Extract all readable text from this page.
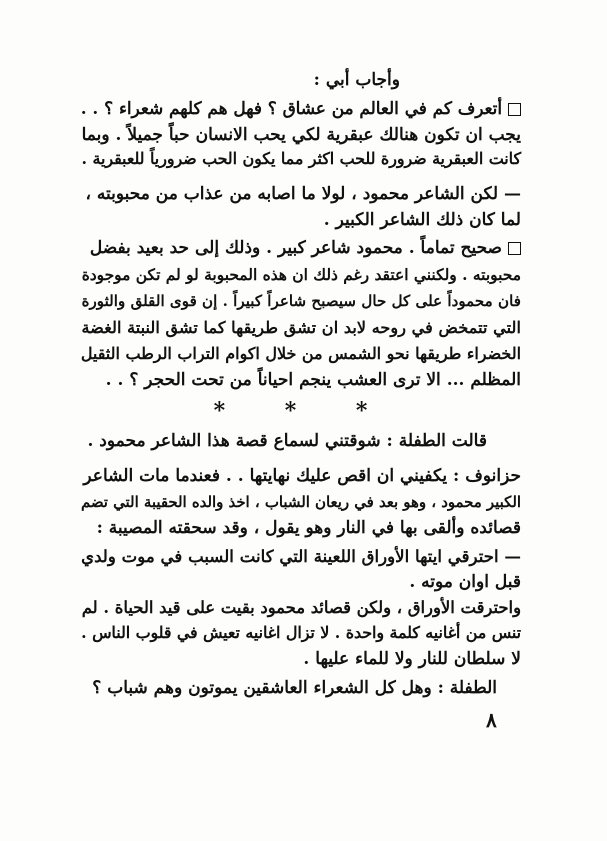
وأجاب أبي :
أتعرف كم في العالم من عشاق ؟ فهل هم كلهم شعراء ؟ . .
يجب ان تكون هنالك عبقرية لكي يحب الانسان حباً جميلاً . وبما
كانت العبقرية ضرورة للحب اكثر مما يكون الحب ضرورياً للعبقرية .
— لكن الشاعر محمود ، لولا ما اصابه من عذاب من محبوبته ،
لما كان ذلك الشاعر الكبير .
صحيح تماماً . محمود شاعر كبير . وذلك إلى حد بعيد بفضل
محبوبته . ولكنني اعتقد رغم ذلك ان هذه المحبوبة لو لم تكن موجودة
فان محموداً على كل حال سيصبح شاعراً كبيراً . إن قوى القلق والثورة
التي تتمخض في روحه لابد ان تشق طريقها كما تشق النبتة الغضة
الخضراء طريقها نحو الشمس من خلال اكوام التراب الرطب الثقيل
المظلم ... الا ترى العشب ينجم احياناً من تحت الحجر ؟ . .
* * *
قالت الطفلة : شوقتني لسماع قصة هذا الشاعر محمود .
حزانوف : يكفيني ان اقص عليك نهايتها . . فعندما مات الشاعر
الكبير محمود ، وهو بعد في ريعان الشباب ، اخذ والده الحقيبة التي تضم
قصائده وألقى بها في النار وهو يقول ، وقد سحقته المصيبة :
— احترقي ايتها الأوراق اللعينة التي كانت السبب في موت ولدي
قبل اوان موته .
واحترقت الأوراق ، ولكن قصائد محمود بقيت على قيد الحياة . لم
تنس من أغانيه كلمة واحدة . لا تزال اغانيه تعيش في قلوب الناس .
لا سلطان للنار ولا للماء عليها .
الطفلة : وهل كل الشعراء العاشقين يموتون وهم شباب ؟
٨
